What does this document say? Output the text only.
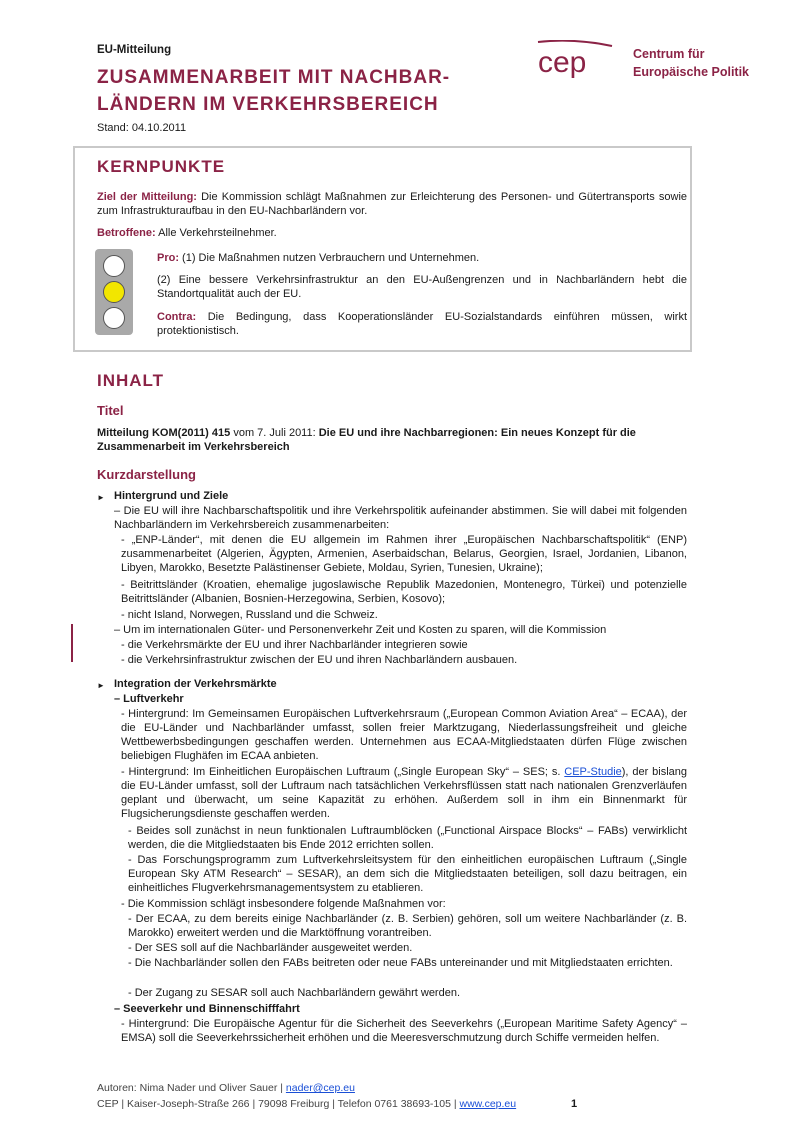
EU-Mitteilung
ZUSAMMENARBEIT MIT NACHBAR-
LÄNDERN IM VERKEHRSBEREICH
Stand: 04.10.2011
cep	Centrum für
Europäische Politik
KERNPUNKTE
Ziel der Mitteilung: Die Kommission schlägt Maßnahmen zur Erleichterung des Personen- und Gütertransports sowie zum Infrastrukturaufbau in den EU-Nachbarländern vor.
Betroffene: Alle Verkehrsteilnehmer.
Pro: (1) Die Maßnahmen nutzen Verbrauchern und Unternehmen.
(2) Eine bessere Verkehrsinfrastruktur an den EU-Außengrenzen und in Nachbarländern hebt die Standortqualität auch der EU.
Contra: Die Bedingung, dass Kooperationsländer EU-Sozialstandards einführen müssen, wirkt protektionistisch.
INHALT
Titel
Mitteilung KOM(2011) 415 vom 7. Juli 2011: Die EU und ihre Nachbarregionen: Ein neues Konzept für die Zusammenarbeit im Verkehrsbereich
Kurzdarstellung
► Hintergrund und Ziele
– Die EU will ihre Nachbarschaftspolitik und ihre Verkehrspolitik aufeinander abstimmen. Sie will dabei mit folgenden Nachbarländern im Verkehrsbereich zusammenarbeiten:
- „ENP-Länder“, mit denen die EU allgemein im Rahmen ihrer „Europäischen Nachbarschaftspolitik“ (ENP) zusammenarbeitet (Algerien, Ägypten, Armenien, Aserbaidschan, Belarus, Georgien, Israel, Jordanien, Libanon, Libyen, Marokko, Besetzte Palästinenser Gebiete, Moldau, Syrien, Tunesien, Ukraine);
- Beitrittsländer (Kroatien, ehemalige jugoslawische Republik Mazedonien, Montenegro, Türkei) und potenzielle Beitrittsländer (Albanien, Bosnien-Herzegowina, Serbien, Kosovo);
- nicht Island, Norwegen, Russland und die Schweiz.
– Um im internationalen Güter- und Personenverkehr Zeit und Kosten zu sparen, will die Kommission
- die Verkehrsmärkte der EU und ihrer Nachbarländer integrieren sowie
- die Verkehrsinfrastruktur zwischen der EU und ihren Nachbarländern ausbauen.
► Integration der Verkehrsmärkte
– Luftverkehr
- Hintergrund: Im Gemeinsamen Europäischen Luftverkehrsraum („European Common Aviation Area“ – ECAA), der die EU-Länder und Nachbarländer umfasst, sollen freier Marktzugang, Niederlassungsfreiheit und gleiche Wettbewerbsbedingungen geschaffen werden. Unternehmen aus ECAA-Mitgliedstaaten dürfen Flüge zwischen beliebigen Flughäfen im ECAA anbieten.
- Hintergrund: Im Einheitlichen Europäischen Luftraum („Single European Sky“ – SES; s. CEP-Studie), der bislang die EU-Länder umfasst, soll der Luftraum nach tatsächlichen Verkehrsflüssen statt nach nationalen Grenzverläufen geplant und überwacht, um seine Kapazität zu erhöhen. Außerdem soll in ihm ein Binnenmarkt für Flugsicherungsdienste geschaffen werden.
- Beides soll zunächst in neun funktionalen Luftraumblöcken („Functional Airspace Blocks“ – FABs) verwirklicht werden, die die Mitgliedstaaten bis Ende 2012 errichten sollen.
- Das Forschungsprogramm zum Luftverkehrsleitsystem für den einheitlichen europäischen Luftraum („Single European Sky ATM Research“ – SESAR), an dem sich die Mitgliedstaaten beteiligen, soll dazu beitragen, ein einheitliches Flugverkehrsmanagementsystem zu etablieren.
- Die Kommission schlägt insbesondere folgende Maßnahmen vor:
- Der ECAA, zu dem bereits einige Nachbarländer (z. B. Serbien) gehören, soll um weitere Nachbarländer (z. B. Marokko) erweitert werden und die Marktöffnung vorantreiben.
- Der SES soll auf die Nachbarländer ausgeweitet werden.
- Die Nachbarländer sollen den FABs beitreten oder neue FABs untereinander und mit Mitgliedstaaten errichten.
- Der Zugang zu SESAR soll auch Nachbarländern gewährt werden.
– Seeverkehr und Binnenschifffahrt
- Hintergrund: Die Europäische Agentur für die Sicherheit des Seeverkehrs („European Maritime Safety Agency“ – EMSA) soll die Seeverkehrssicherheit erhöhen und die Meeresverschmutzung durch Schiffe vermeiden helfen.
Autoren: Nima Nader und Oliver Sauer | nader@cep.eu
CEP | Kaiser-Joseph-Straße 266 | 79098 Freiburg | Telefon 0761 38693-105 | www.cep.eu	1
